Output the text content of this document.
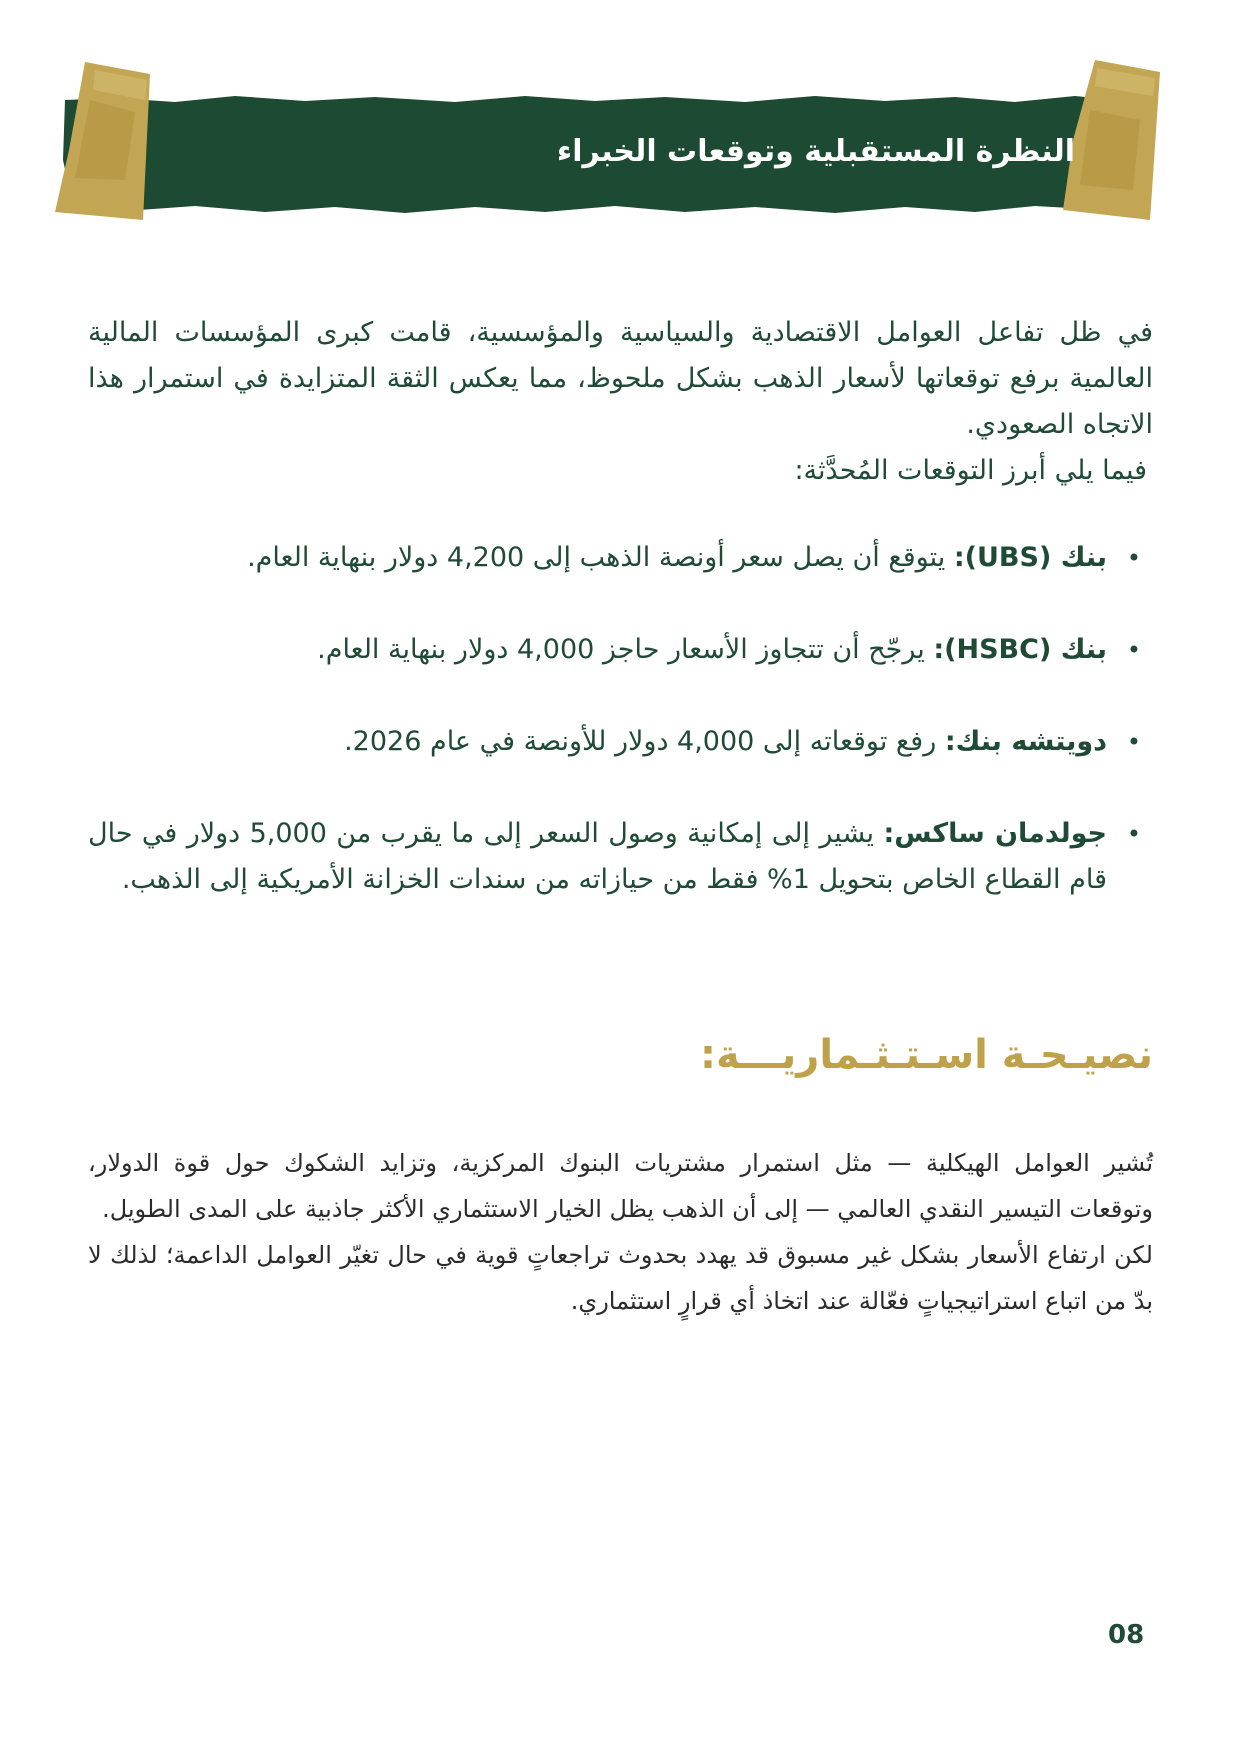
النظرة المستقبلية وتوقعات الخبراء

في ظل تفاعل العوامل الاقتصادية والسياسية والمؤسسية، قامت كبرى المؤسسات المالية العالمية برفع توقعاتها لأسعار الذهب بشكل ملحوظ، مما يعكس الثقة المتزايدة في استمرار هذا الاتجاه الصعودي.

فيما يلي أبرز التوقعات المُحدَّثة:

• بنك (UBS): يتوقع أن يصل سعر أونصة الذهب إلى 4,200 دولار بنهاية العام.
• بنك (HSBC): يرجّح أن تتجاوز الأسعار حاجز 4,000 دولار بنهاية العام.
• دويتشه بنك: رفع توقعاته إلى 4,000 دولار للأونصة في عام 2026.
• جولدمان ساكس: يشير إلى إمكانية وصول السعر إلى ما يقرب من 5,000 دولار في حال قام القطاع الخاص بتحويل 1% فقط من حيازاته من سندات الخزانة الأمريكية إلى الذهب.
نصيـحـة اسـتـثـماريـــة:

تُشير العوامل الهيكلية — مثل استمرار مشتريات البنوك المركزية، وتزايد الشكوك حول قوة الدولار، وتوقعات التيسير النقدي العالمي — إلى أن الذهب يظل الخيار الاستثماري الأكثر جاذبية على المدى الطويل.

لكن ارتفاع الأسعار بشكل غير مسبوق قد يهدد بحدوث تراجعاتٍ قوية في حال تغيّر العوامل الداعمة؛ لذلك لا بدّ من اتباع استراتيجياتٍ فعّالة عند اتخاذ أي قرارٍ استثماري.

08
